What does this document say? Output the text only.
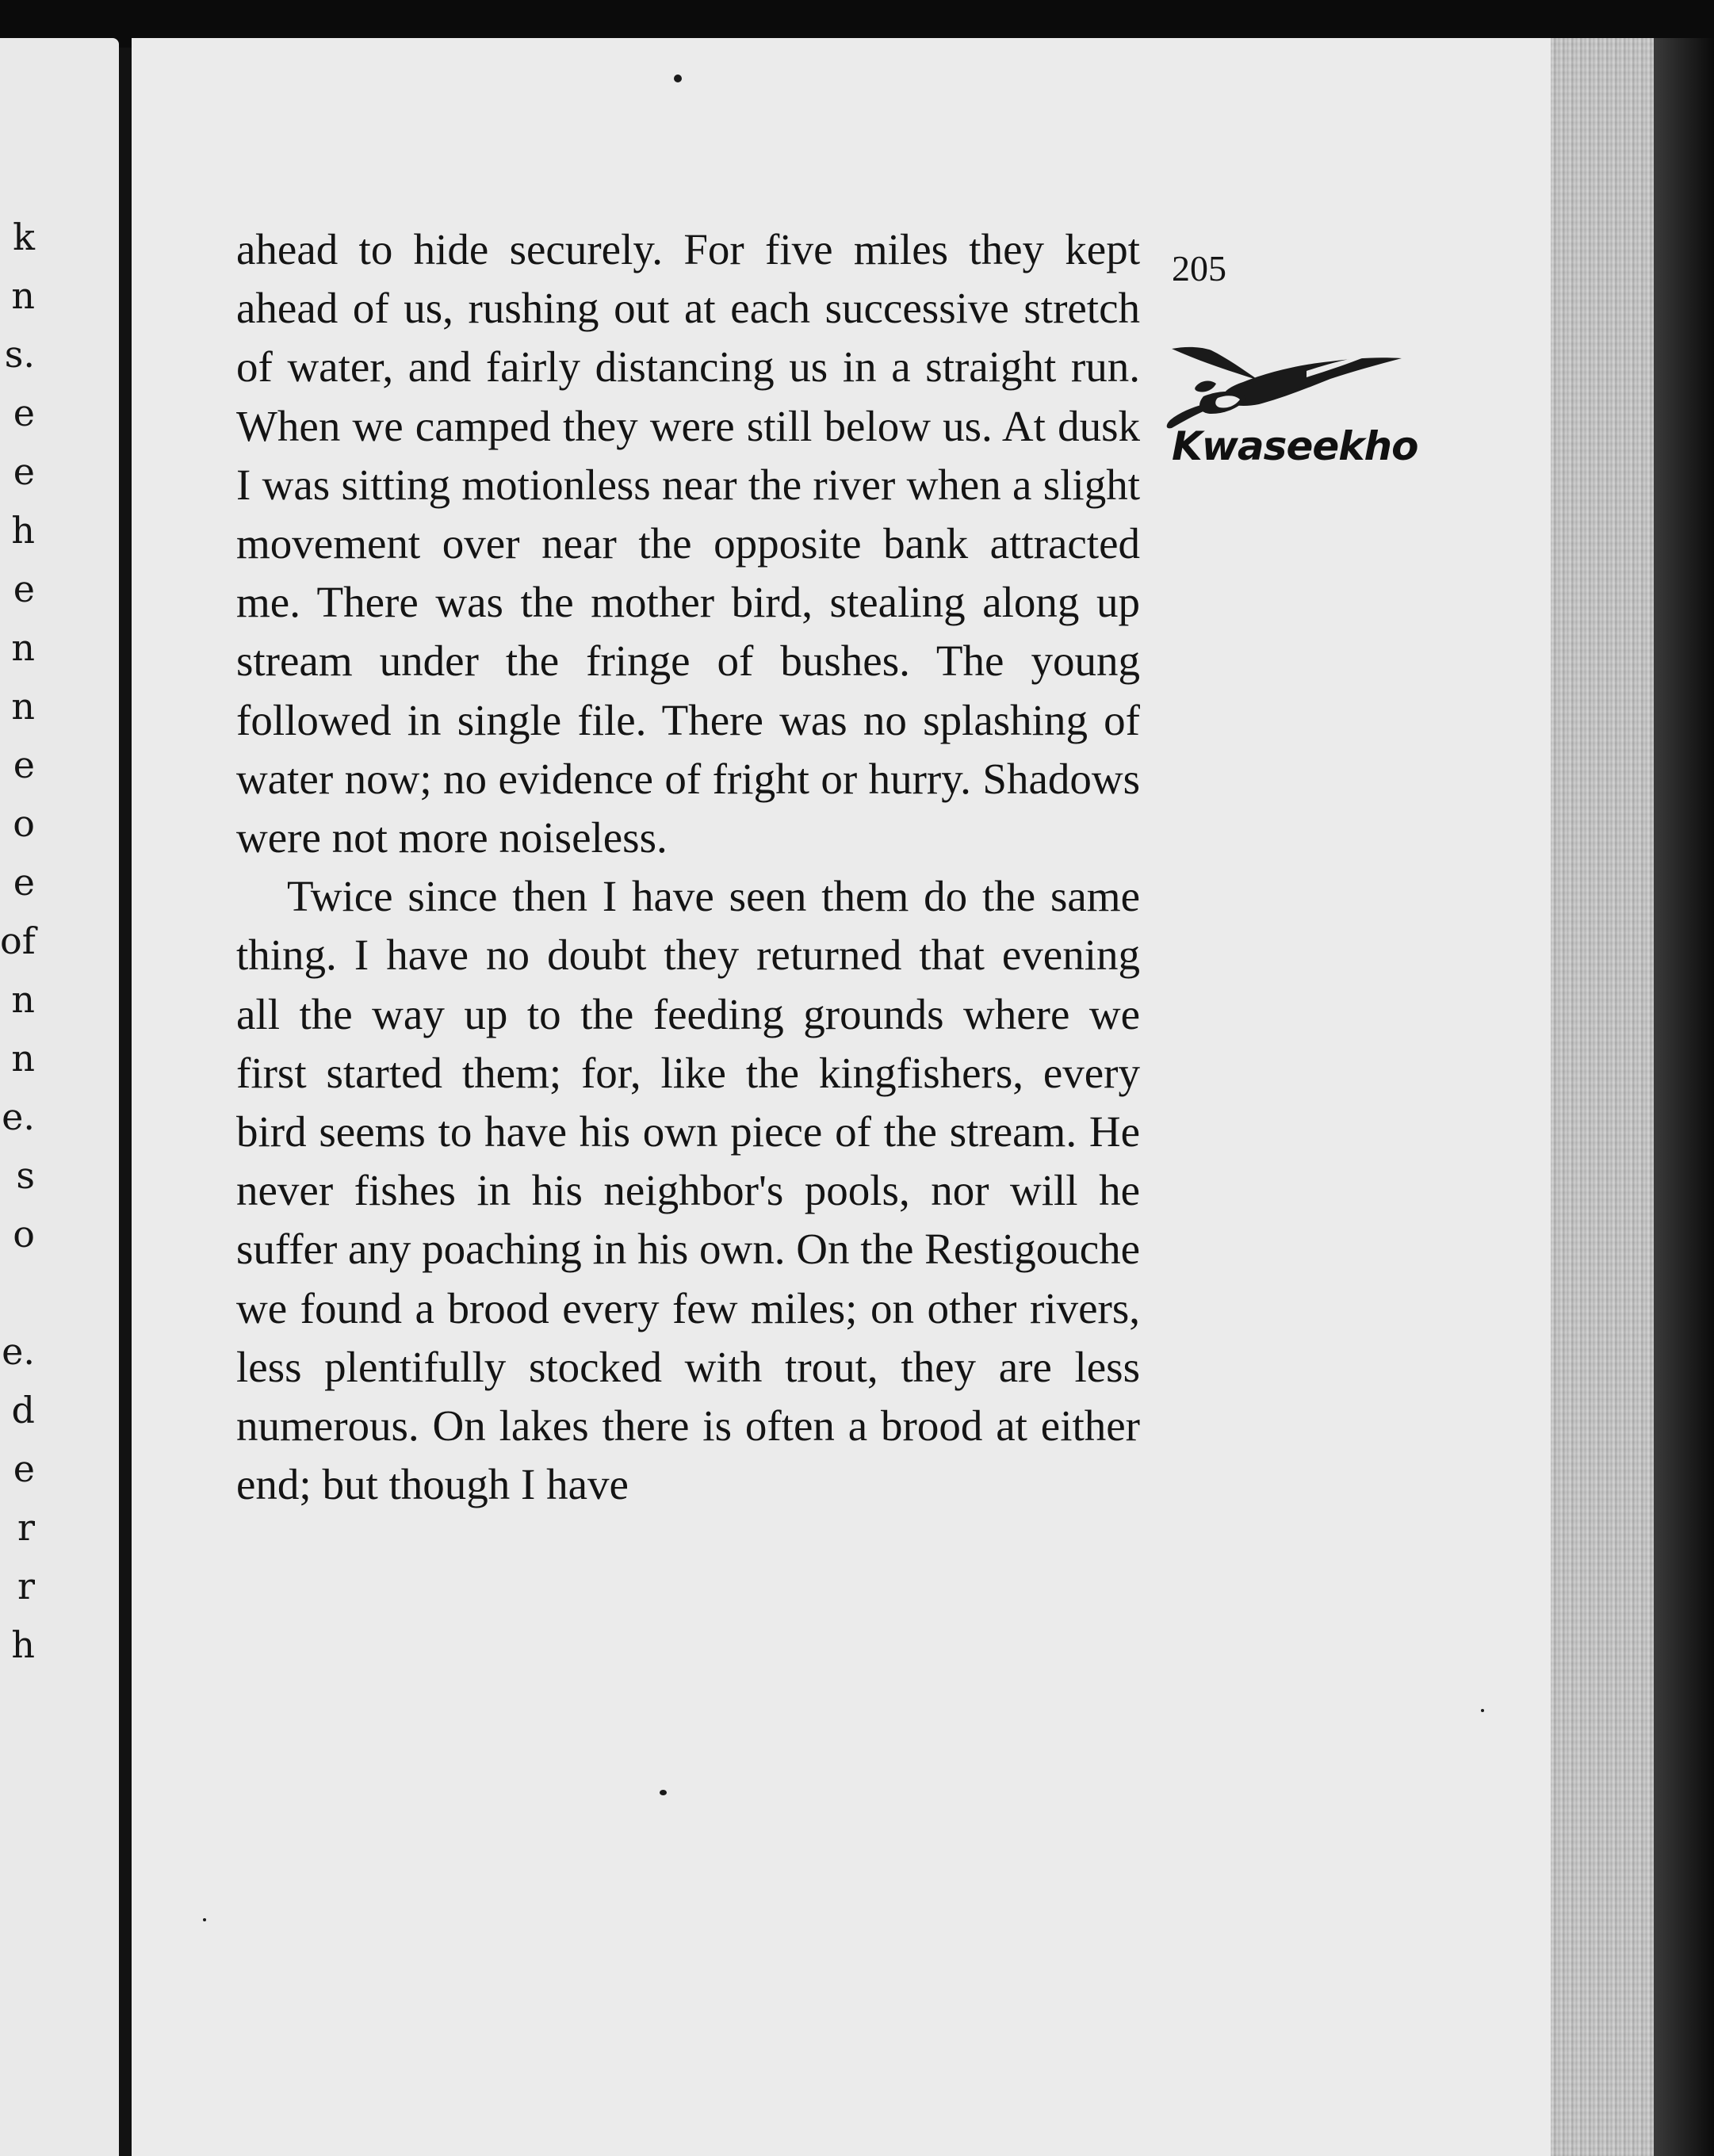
k
n
s.
e
e
h
e
n
n
e
o
e
of
n
n
e.
s
o
e.
d
e
r
r
h
205
Kwaseekho

ahead to hide securely. For five miles they kept ahead of us, rushing out at each successive stretch of water, and fairly distancing us in a straight run. When we camped they were still below us. At dusk I was sitting motionless near the river when a slight movement over near the opposite bank attracted me. There was the mother bird, stealing along up stream under the fringe of bushes. The young followed in single file. There was no splashing of water now; no evidence of fright or hurry. Shadows were not more noiseless.

Twice since then I have seen them do the same thing. I have no doubt they returned that evening all the way up to the feeding grounds where we first started them; for, like the kingfishers, every bird seems to have his own piece of the stream. He never fishes in his neighbor's pools, nor will he suffer any poaching in his own. On the Restigouche we found a brood every few miles; on other rivers, less plentifully stocked with trout, they are less numerous. On lakes there is often a brood at either end; but though I have
